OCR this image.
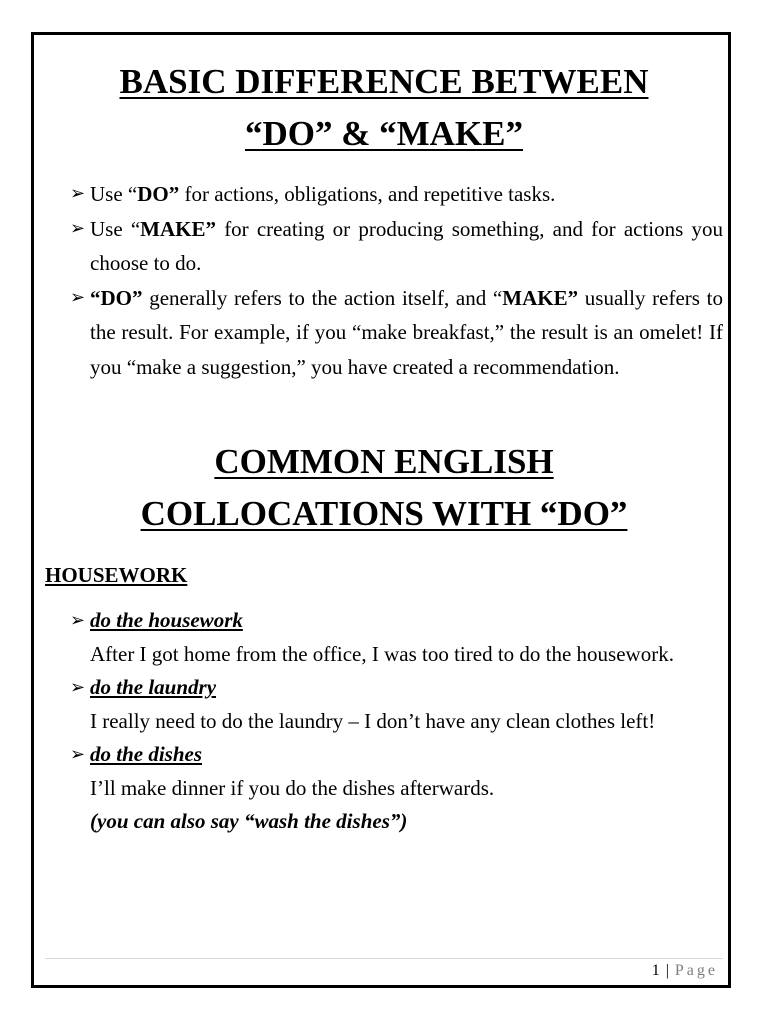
BASIC DIFFERENCE BETWEEN
“DO” & “MAKE”
➢ Use “DO” for actions, obligations, and repetitive tasks.
➢ Use “MAKE” for creating or producing something, and for actions you choose to do.
➢ “DO” generally refers to the action itself, and “MAKE” usually refers to the result. For example, if you “make breakfast,” the result is an omelet! If you “make a suggestion,” you have created a recommendation.
COMMON ENGLISH
COLLOCATIONS WITH “DO”
HOUSEWORK
➢ do the housework
After I got home from the office, I was too tired to do the housework.
➢ do the laundry
I really need to do the laundry – I don’t have any clean clothes left!
➢ do the dishes
I’ll make dinner if you do the dishes afterwards.
(you can also say “wash the dishes”)
1 | Page
